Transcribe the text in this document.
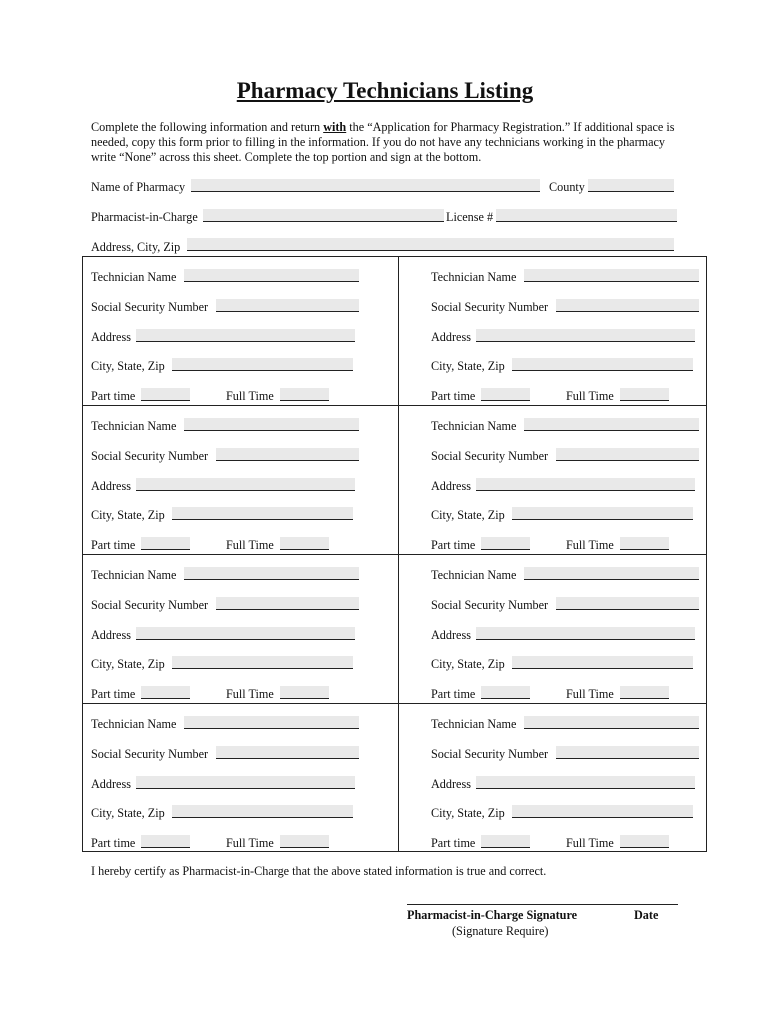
Pharmacy Technicians Listing

Complete the following information and return with the “Application for Pharmacy Registration.” If additional space is needed, copy this form prior to filling in the information. If you do not have any technicians working in the pharmacy write “None” across this sheet. Complete the top portion and sign at the bottom.

Name of Pharmacy	County
Pharmacist-in-Charge	License #
Address, City, Zip
Technician Name
Social Security Number
Address
City, State, Zip
Part time	Full Time
Technician Name
Social Security Number
Address
City, State, Zip
Part time	Full Time
Technician Name
Social Security Number
Address
City, State, Zip
Part time	Full Time
Technician Name
Social Security Number
Address
City, State, Zip
Part time	Full Time
Technician Name
Social Security Number
Address
City, State, Zip
Part time	Full Time
Technician Name
Social Security Number
Address
City, State, Zip
Part time	Full Time
Technician Name
Social Security Number
Address
City, State, Zip
Part time	Full Time
Technician Name
Social Security Number
Address
City, State, Zip
Part time	Full Time
I hereby certify as Pharmacist-in-Charge that the above stated information is true and correct.
Pharmacist-in-Charge Signature	Date
(Signature Require)
